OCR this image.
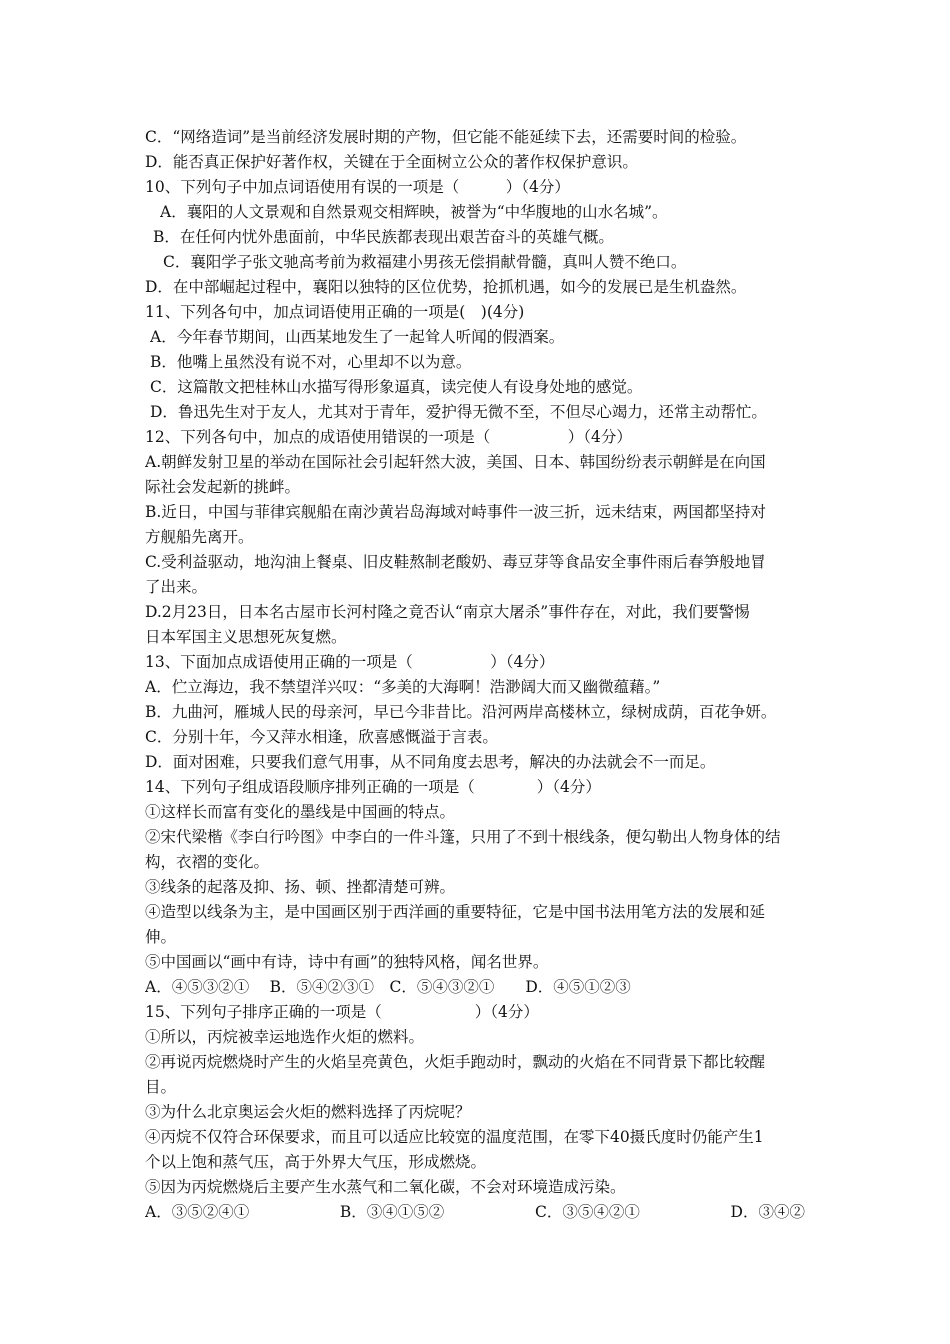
C．“网络造词”是当前经济发展时期的产物，但它能不能延续下去，还需要时间的检验。
D．能否真正保护好著作权，关键在于全面树立公众的著作权保护意识。
10、下列句子中加点词语使用有误的一项是（　　　）（4分）
A．襄阳的人文景观和自然景观交相辉映，被誉为“中华腹地的山水名城”。
B．在任何内忧外患面前，中华民族都表现出艰苦奋斗的英雄气概。
C．襄阳学子张文驰高考前为救福建小男孩无偿捐献骨髓，真叫人赞不绝口。
D．在中部崛起过程中，襄阳以独特的区位优势，抢抓机遇，如今的发展已是生机盎然。
11、下列各句中，加点词语使用正确的一项是(　)(4分)
A．今年春节期间，山西某地发生了一起耸人听闻的假酒案。
B．他嘴上虽然没有说不对，心里却不以为意。
C．这篇散文把桂林山水描写得形象逼真，读完使人有设身处地的感觉。
D．鲁迅先生对于友人，尤其对于青年，爱护得无微不至，不但尽心竭力，还常主动帮忙。
12、下列各句中，加点的成语使用错误的一项是（　　　　　）（4分）
A.朝鲜发射卫星的举动在国际社会引起轩然大波，美国、日本、韩国纷纷表示朝鲜是在向国
际社会发起新的挑衅。
B.近日，中国与菲律宾舰船在南沙黄岩岛海域对峙事件一波三折，远未结束，两国都坚持对
方舰船先离开。
C.受利益驱动，地沟油上餐桌、旧皮鞋熬制老酸奶、毒豆芽等食品安全事件雨后春笋般地冒
了出来。
D.2月23日，日本名古屋市长河村隆之竟否认“南京大屠杀”事件存在，对此，我们要警惕
日本军国主义思想死灰复燃。
13、下面加点成语使用正确的一项是（　　　　　）（4分）
A．伫立海边，我不禁望洋兴叹：“多美的大海啊！浩渺阔大而又幽微蕴藉。”
B．九曲河，雁城人民的母亲河，早已今非昔比。沿河两岸高楼林立，绿树成荫，百花争妍。
C．分别十年，今又萍水相逢，欣喜感慨溢于言表。
D．面对困难，只要我们意气用事，从不同角度去思考，解决的办法就会不一而足。
14、下列句子组成语段顺序排列正确的一项是（　　　　）（4分）
①这样长而富有变化的墨线是中国画的特点。
②宋代梁楷《李白行吟图》中李白的一件斗篷，只用了不到十根线条，便勾勒出人物身体的结
构，衣褶的变化。
③线条的起落及抑、扬、顿、挫都清楚可辨。
④造型以线条为主，是中国画区别于西洋画的重要特征，它是中国书法用笔方法的发展和延
伸。
⑤中国画以“画中有诗，诗中有画”的独特风格，闻名世界。
A．④⑤③②①　 B．⑤④②③①　C．⑤④③②①　　D．④⑤①②③
15、下列句子排序正确的一项是（　　　　　　）（4分）
①所以，丙烷被幸运地选作火炬的燃料。
②再说丙烷燃烧时产生的火焰呈亮黄色，火炬手跑动时，飘动的火焰在不同背景下都比较醒
目。
③为什么北京奥运会火炬的燃料选择了丙烷呢？
④丙烷不仅符合环保要求，而且可以适应比较宽的温度范围，在零下40摄氏度时仍能产生1
个以上饱和蒸气压，高于外界大气压，形成燃烧。
⑤因为丙烷燃烧后主要产生水蒸气和二氧化碳，不会对环境造成污染。
A．③⑤②④①	B．③④①⑤②	C．③⑤④②①	D．③④②
